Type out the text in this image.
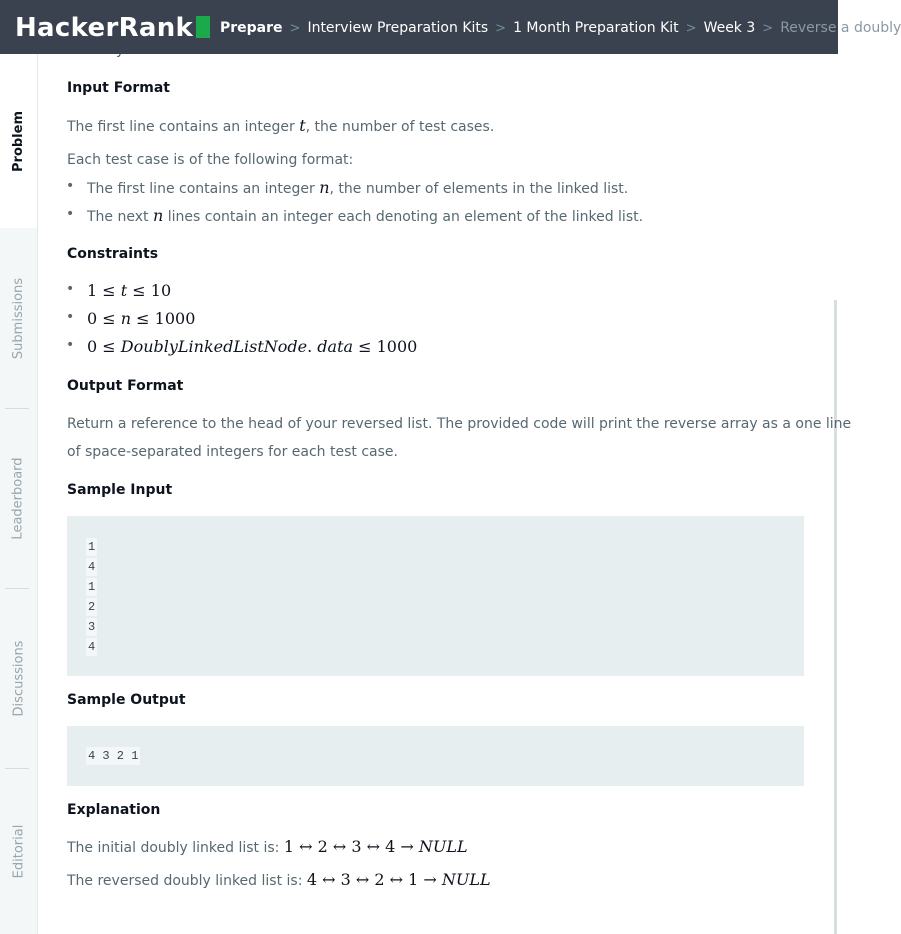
HackerRank	Prepare > Interview Preparation Kits > 1 Month Preparation Kit > Week 3 > Reverse a doubly
Problem
Submissions
Leaderboard
Discussions
Editorial
Input Format
The first line contains an integer t, the number of test cases.
Each test case is of the following format:
• The first line contains an integer n, the number of elements in the linked list.
• The next n lines contain an integer each denoting an element of the linked list.
Constraints
• 1 ≤ t ≤ 10
• 0 ≤ n ≤ 1000
• 0 ≤ DoublyLinkedListNode. data ≤ 1000
Output Format
Return a reference to the head of your reversed list. The provided code will print the reverse array as a one line
of space-separated integers for each test case.
Sample Input
1
4
1
2
3
4
Sample Output
4 3 2 1
Explanation
The initial doubly linked list is: 1 ↔ 2 ↔ 3 ↔ 4 → NULL
The reversed doubly linked list is: 4 ↔ 3 ↔ 2 ↔ 1 → NULL
